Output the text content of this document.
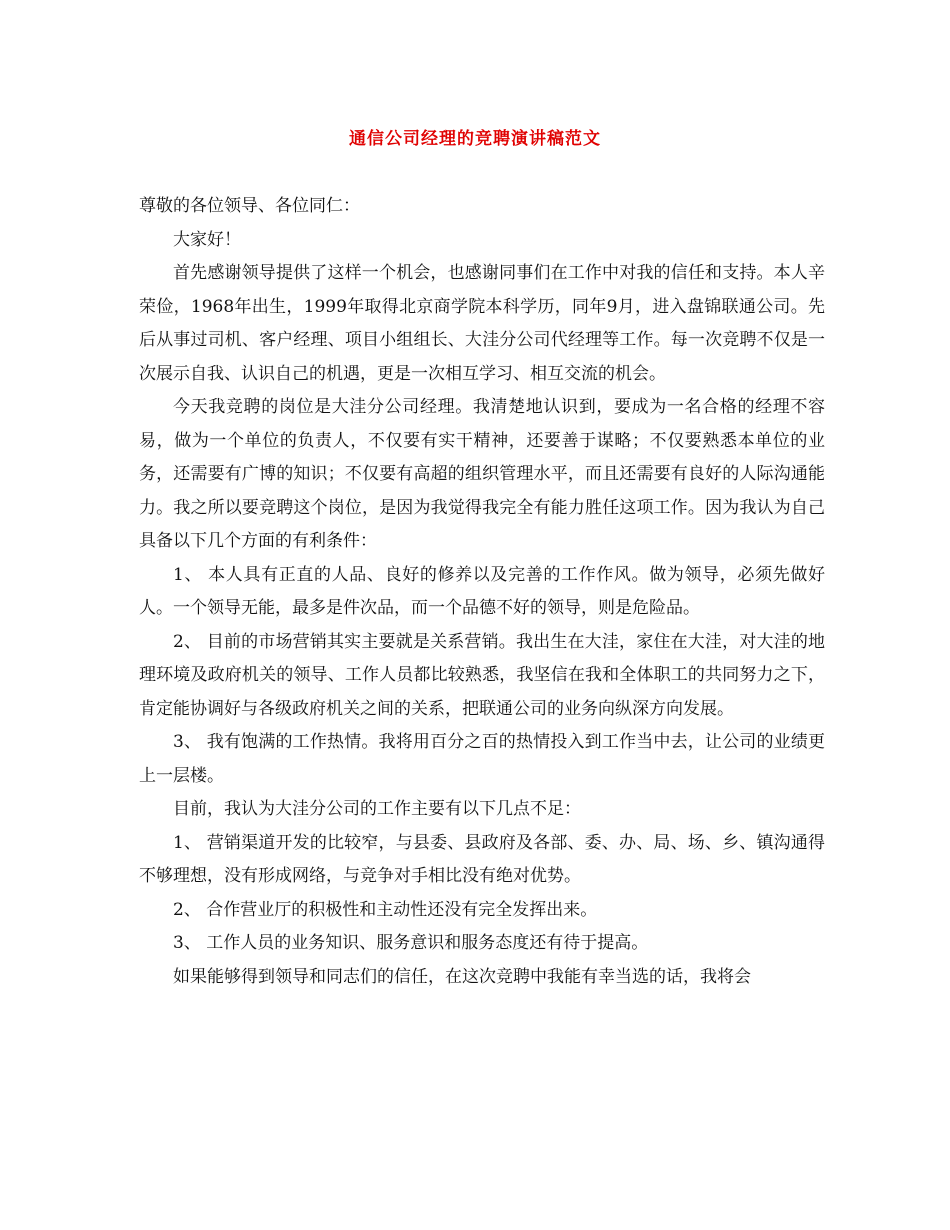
通信公司经理的竞聘演讲稿范文

尊敬的各位领导、各位同仁：

大家好！

首先感谢领导提供了这样一个机会，也感谢同事们在工作中对我的信任和支持。本人辛荣俭，1968年出生，1999年取得北京商学院本科学历，同年9月，进入盘锦联通公司。先后从事过司机、客户经理、项目小组组长、大洼分公司代经理等工作。每一次竞聘不仅是一次展示自我、认识自己的机遇，更是一次相互学习、相互交流的机会。

今天我竞聘的岗位是大洼分公司经理。我清楚地认识到，要成为一名合格的经理不容易，做为一个单位的负责人，不仅要有实干精神，还要善于谋略；不仅要熟悉本单位的业务，还需要有广博的知识；不仅要有高超的组织管理水平，而且还需要有良好的人际沟通能力。我之所以要竞聘这个岗位，是因为我觉得我完全有能力胜任这项工作。因为我认为自己具备以下几个方面的有利条件：

1、 本人具有正直的人品、良好的修养以及完善的工作作风。做为领导，必须先做好人。一个领导无能，最多是件次品，而一个品德不好的领导，则是危险品。

2、 目前的市场营销其实主要就是关系营销。我出生在大洼，家住在大洼，对大洼的地理环境及政府机关的领导、工作人员都比较熟悉，我坚信在我和全体职工的共同努力之下，肯定能协调好与各级政府机关之间的关系，把联通公司的业务向纵深方向发展。

3、 我有饱满的工作热情。我将用百分之百的热情投入到工作当中去，让公司的业绩更上一层楼。

目前，我认为大洼分公司的工作主要有以下几点不足：

1、 营销渠道开发的比较窄，与县委、县政府及各部、委、办、局、场、乡、镇沟通得不够理想，没有形成网络，与竞争对手相比没有绝对优势。

2、 合作营业厅的积极性和主动性还没有完全发挥出来。

3、 工作人员的业务知识、服务意识和服务态度还有待于提高。

如果能够得到领导和同志们的信任，在这次竞聘中我能有幸当选的话，我将会
